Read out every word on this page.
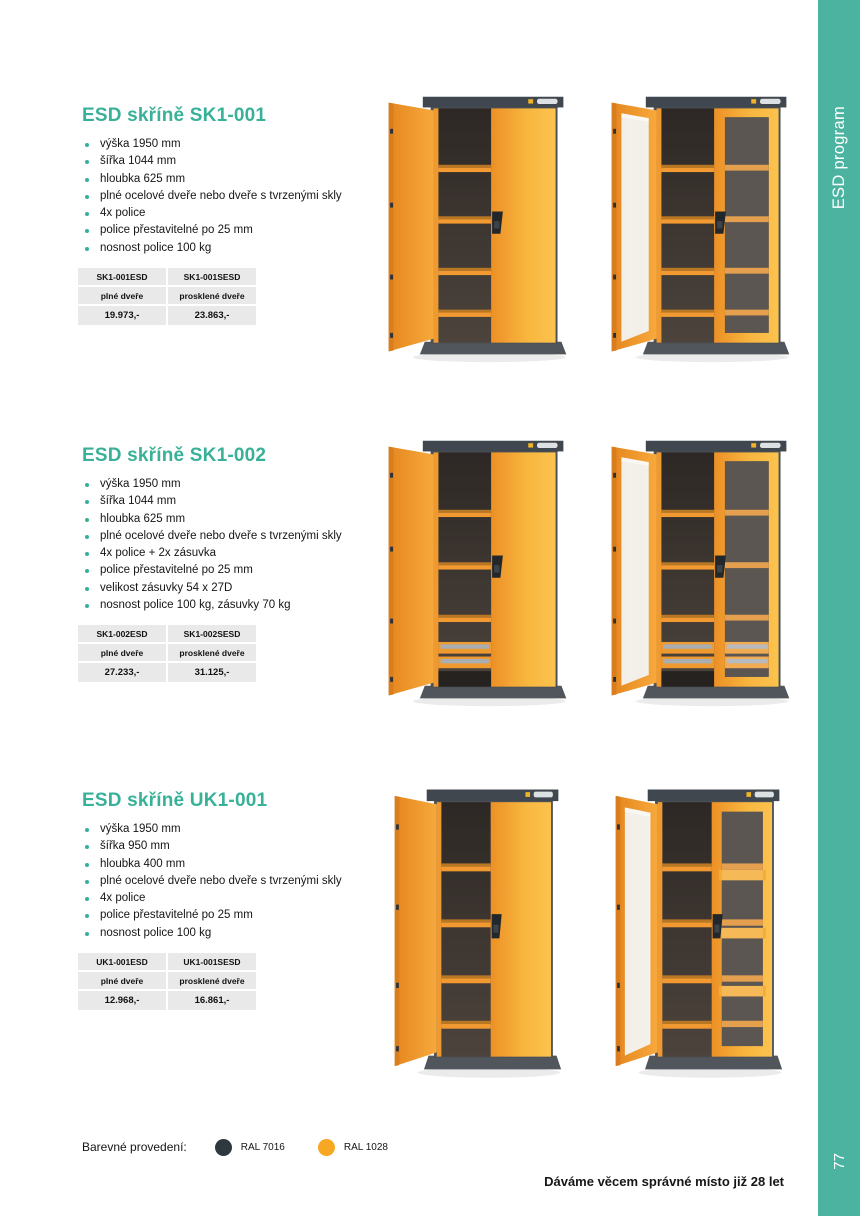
ESD skříně SK1-001
výška 1950 mm
šířka 1044 mm
hloubka 625 mm
plné ocelové dveře nebo dveře s tvrzenými skly
4x police
police přestavitelné po 25 mm
nosnost police 100 kg
SK1-001ESD	SK1-001SESD
plné dveře	prosklené dveře
19.973,-	23.863,-
ESD skříně SK1-002
výška 1950 mm
šířka 1044 mm
hloubka 625 mm
plné ocelové dveře nebo dveře s tvrzenými skly
4x police + 2x zásuvka
police přestavitelné po 25 mm
velikost zásuvky 54 x 27D
nosnost police 100 kg, zásuvky 70 kg
SK1-002ESD	SK1-002SESD
plné dveře	prosklené dveře
27.233,-	31.125,-
ESD skříně UK1-001
výška 1950 mm
šířka 950 mm
hloubka 400 mm
plné ocelové dveře nebo dveře s tvrzenými skly
4x police
police přestavitelné po 25 mm
nosnost police 100 kg
UK1-001ESD	UK1-001SESD
plné dveře	prosklené dveře
12.968,-	16.861,-
Barevné provedení:	RAL 7016	RAL 1028
Dáváme věcem správné místo již 28 let
ESD program
77
